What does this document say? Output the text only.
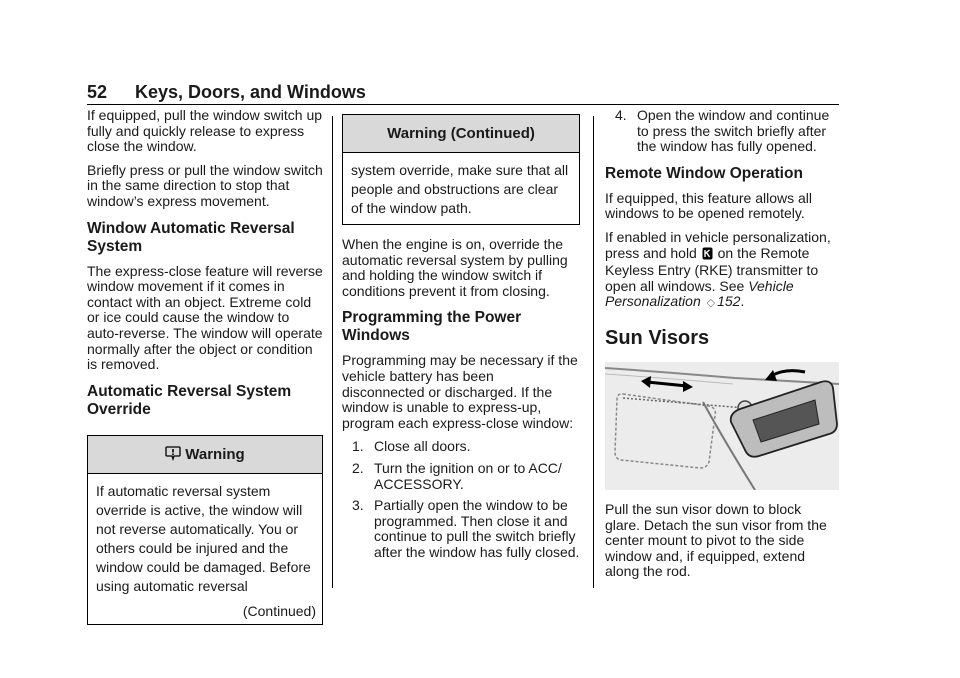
52 Keys, Doors, and Windows

If equipped, pull the window switch up fully and quickly release to express close the window.

Briefly press or pull the window switch in the same direction to stop that window’s express movement.

Window Automatic Reversal System

The express-close feature will reverse window movement if it comes in contact with an object. Extreme cold or ice could cause the window to auto-reverse. The window will operate normally after the object or condition is removed.

Automatic Reversal System Override
Warning
If automatic reversal system override is active, the window will not reverse automatically. You or others could be injured and the window could be damaged. Before using automatic reversal
(Continued)
Warning (Continued)
system override, make sure that all people and obstructions are clear of the window path.

When the engine is on, override the automatic reversal system by pulling and holding the window switch if conditions prevent it from closing.

Programming the Power Windows

Programming may be necessary if the vehicle battery has been disconnected or discharged. If the window is unable to express-up, program each express-close window:

1. Close all doors.
2. Turn the ignition on or to ACC/ ACCESSORY.
3. Partially open the window to be programmed. Then close it and continue to pull the switch briefly after the window has fully closed.
4. Open the window and continue to press the switch briefly after the window has fully opened.
Remote Window Operation

If equipped, this feature allows all windows to be opened remotely.

If enabled in vehicle personalization, press and hold on the Remote Keyless Entry (RKE) transmitter to open all windows. See Vehicle Personalization ◇ 152.

Sun Visors

Pull the sun visor down to block glare. Detach the sun visor from the center mount to pivot to the side window and, if equipped, extend along the rod.
